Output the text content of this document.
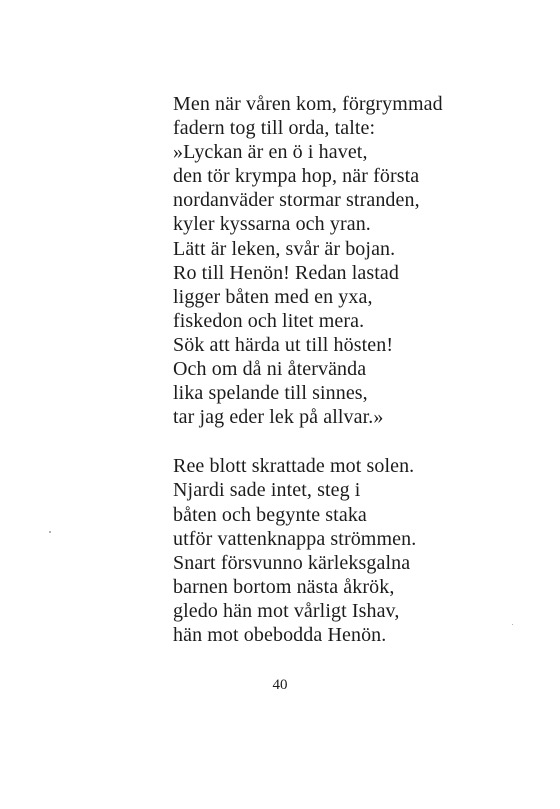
Men när våren kom, förgrymmad
fadern tog till orda, talte:
»Lyckan är en ö i havet,
den tör krympa hop, när första
nordanväder stormar stranden,
kyler kyssarna och yran.
Lätt är leken, svår är bojan.
Ro till Henön! Redan lastad
ligger båten med en yxa,
fiskedon och litet mera.
Sök att härda ut till hösten!
Och om då ni återvända
lika spelande till sinnes,
tar jag eder lek på allvar.»
Ree blott skrattade mot solen.
Njardi sade intet, steg i
båten och begynte staka
utför vattenknappa strömmen.
Snart försvunno kärleksgalna
barnen bortom nästa åkrök,
gledo hän mot vårligt Ishav,
hän mot obebodda Henön.
40
